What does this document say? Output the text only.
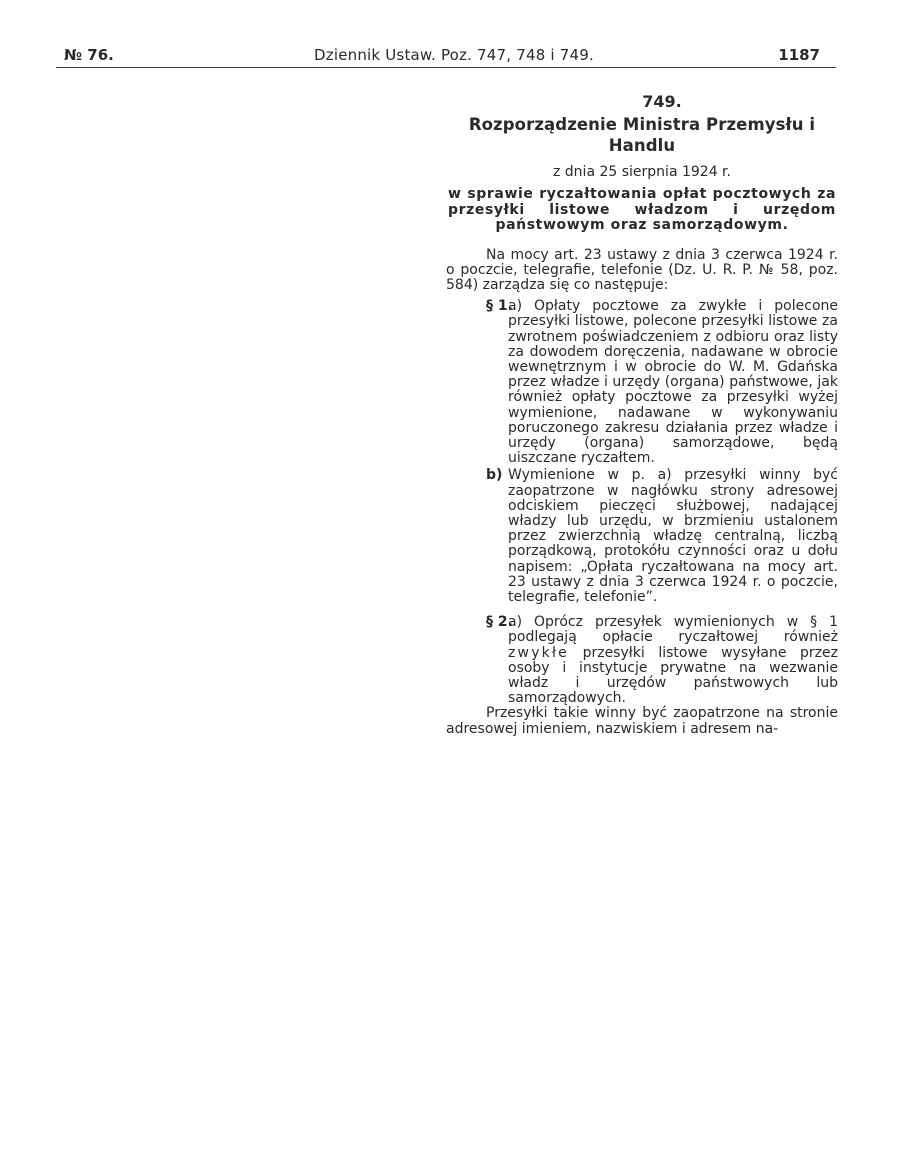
№ 76.	Dziennik Ustaw. Poz. 747, 748 i 749.	1187
749.
Rozporządzenie Ministra Przemysłu i Handlu
z dnia 25 sierpnia 1924 r.
w sprawie ryczałtowania opłat pocztowych za przesyłki listowe władzom i urzędom państwowym oraz samorządowym.

Na mocy art. 23 ustawy z dnia 3 czerwca 1924 r. o poczcie, telegrafie, telefonie (Dz. U. R. P. № 58, poz. 584) zarządza się co następuje:

§ 1.
a) Opłaty pocztowe za zwykłe i polecone przesyłki listowe, polecone przesyłki listowe za zwrotnem poświadczeniem z odbioru oraz listy za dowodem doręczenia, nadawane w obrocie wewnętrznym i w obrocie do W. M. Gdańska przez władze i urzędy (organa) państwowe, jak również opłaty pocztowe za przesyłki wyżej wymienione, nadawane w wykonywaniu poruczonego zakresu działania przez władze i urzędy (organa) samorządowe, będą uiszczane ryczałtem.
b) Wymienione w p. a) przesyłki winny być zaopatrzone w nagłówku strony adresowej odciskiem pieczęci służbowej, nadającej władzy lub urzędu, w brzmieniu ustalonem przez zwierzchnią władzę centralną, liczbą porządkową, protokółu czynności oraz u dołu napisem: „Opłata ryczałtowana na mocy art. 23 ustawy z dnia 3 czerwca 1924 r. o poczcie, telegrafie, telefonie”.
§ 2.
a) Oprócz przesyłek wymienionych w § 1 podlegają opłacie ryczałtowej również zwykłe przesyłki listowe wysyłane przez osoby i instytucje prywatne na wezwanie władz i urzędów państwowych lub samorządowych.

Przesyłki takie winny być zaopatrzone na stronie adresowej imieniem, nazwiskiem i adresem na-
